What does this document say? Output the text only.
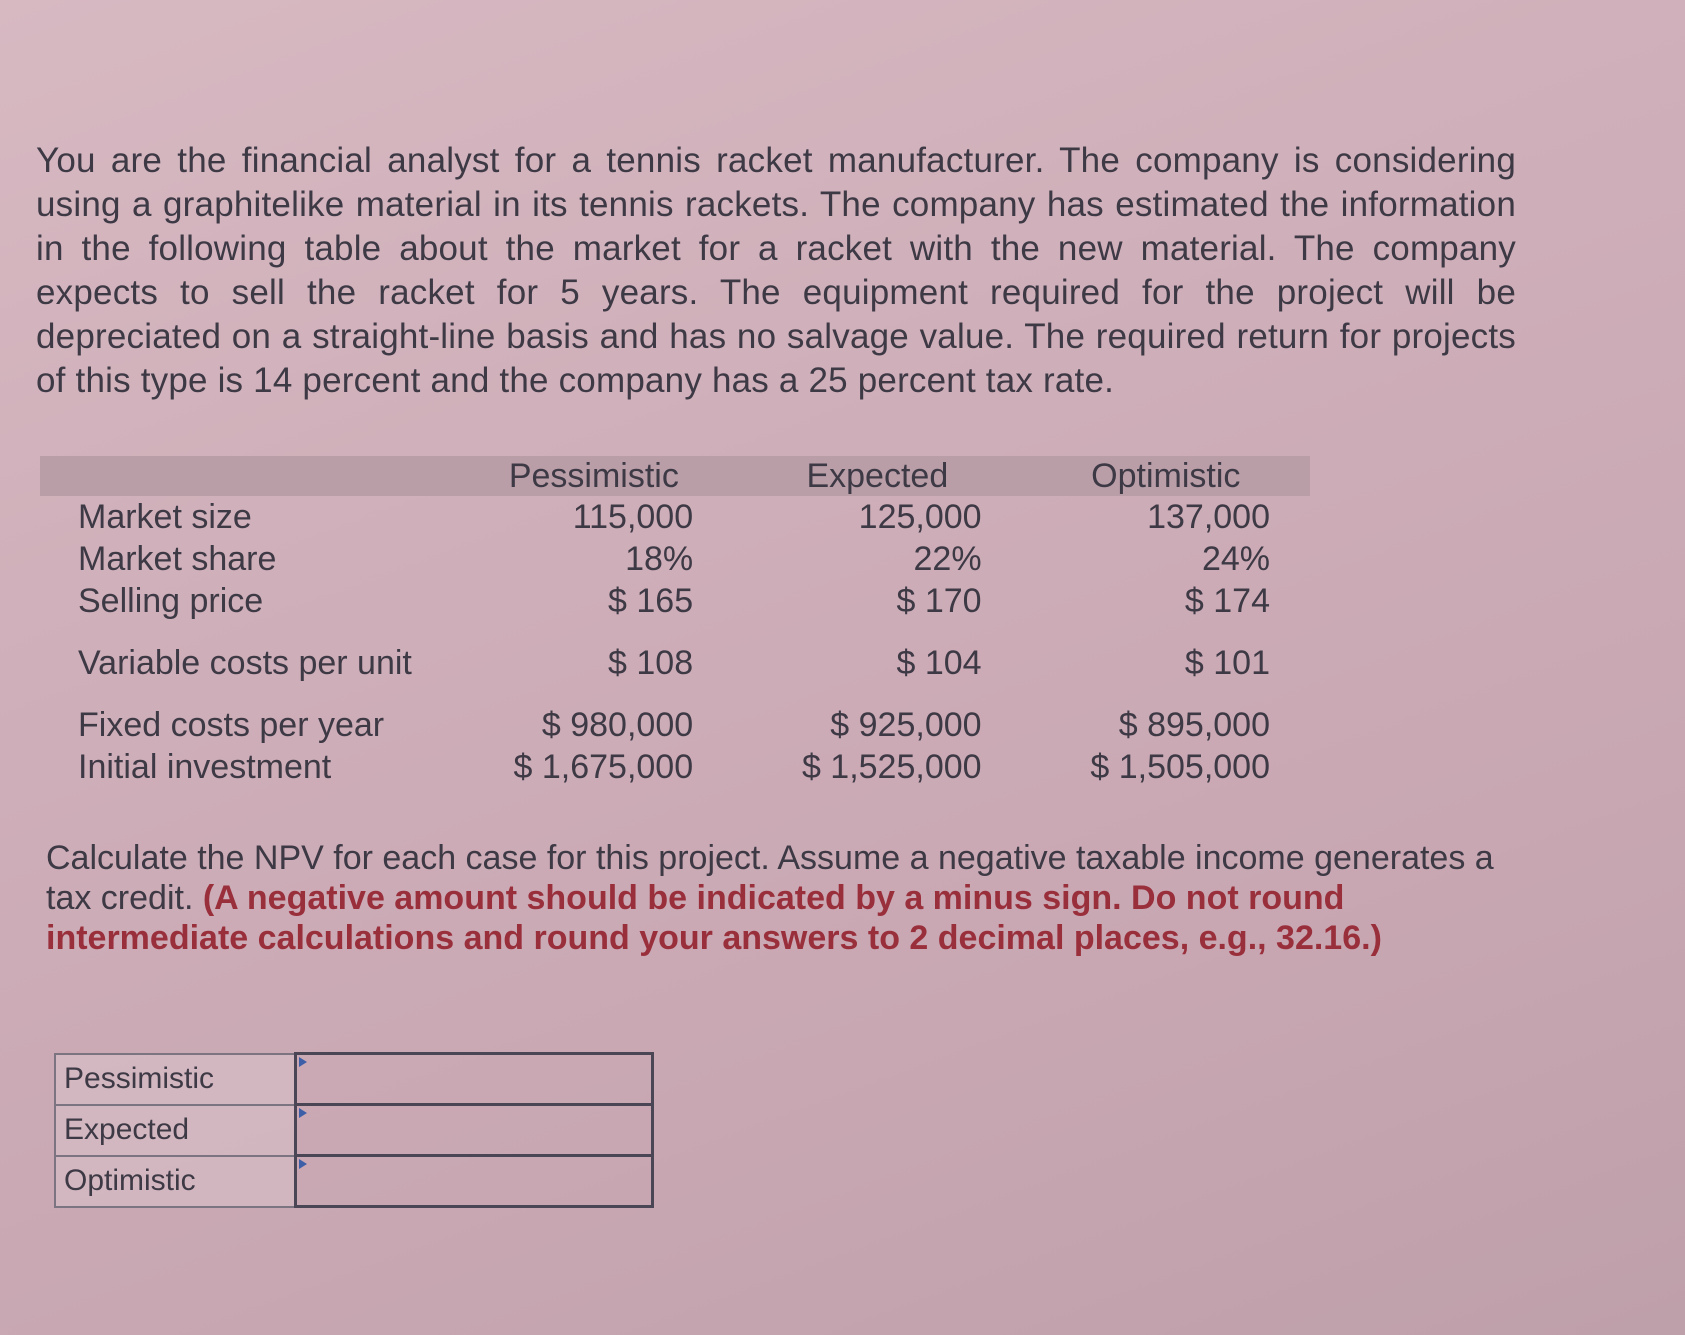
You are the financial analyst for a tennis racket manufacturer. The company is considering using a graphitelike material in its tennis rackets. The company has estimated the information in the following table about the market for a racket with the new material. The company expects to sell the racket for 5 years. The equipment required for the project will be depreciated on a straight-line basis and has no salvage value. The required return for projects of this type is 14 percent and the company has a 25 percent tax rate.

	Pessimistic	Expected	Optimistic
Market size	115,000	125,000	137,000
Market share	18%	22%	24%
Selling price	$ 165	$ 170	$ 174
Variable costs per unit	$ 108	$ 104	$ 101
Fixed costs per year	$ 980,000	$ 925,000	$ 895,000
Initial investment	$ 1,675,000	$ 1,525,000	$ 1,505,000
Calculate the NPV for each case for this project. Assume a negative taxable income generates a tax credit. (A negative amount should be indicated by a minus sign. Do not round intermediate calculations and round your answers to 2 decimal places, e.g., 32.16.)
Pessimistic	

Expected	

Optimistic	
